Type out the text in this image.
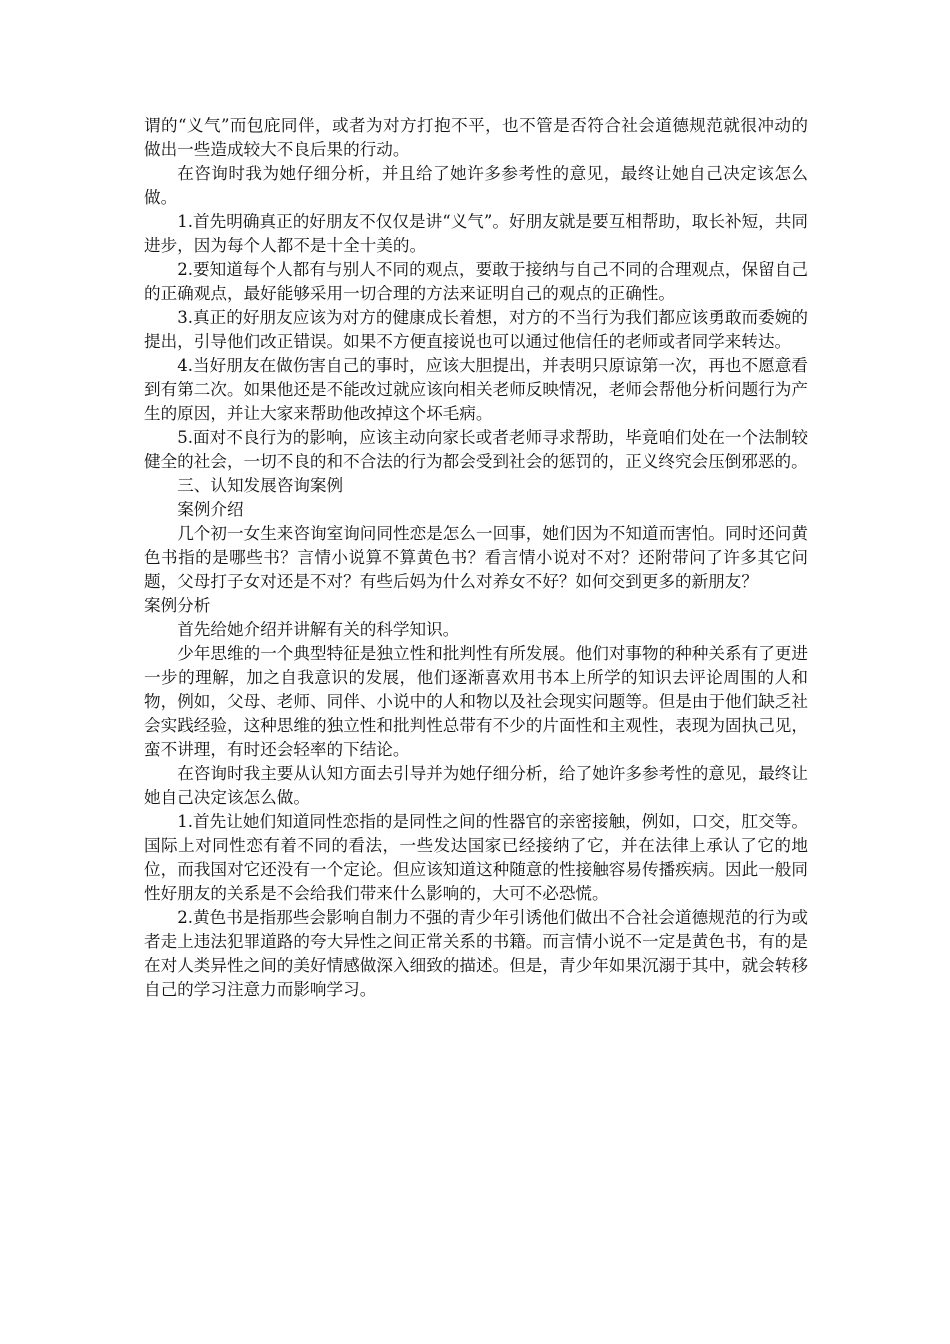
谓的“义气”而包庇同伴，或者为对方打抱不平，也不管是否符合社会道德规范就很冲动的做出一些造成较大不良后果的行动。

在咨询时我为她仔细分析，并且给了她许多参考性的意见，最终让她自己决定该怎么做。

1.首先明确真正的好朋友不仅仅是讲“义气”。好朋友就是要互相帮助，取长补短，共同进步，因为每个人都不是十全十美的。

2.要知道每个人都有与别人不同的观点，要敢于接纳与自己不同的合理观点，保留自己的正确观点，最好能够采用一切合理的方法来证明自己的观点的正确性。

3.真正的好朋友应该为对方的健康成长着想，对方的不当行为我们都应该勇敢而委婉的提出，引导他们改正错误。如果不方便直接说也可以通过他信任的老师或者同学来转达。

4.当好朋友在做伤害自己的事时，应该大胆提出，并表明只原谅第一次，再也不愿意看到有第二次。如果他还是不能改过就应该向相关老师反映情况，老师会帮他分析问题行为产生的原因，并让大家来帮助他改掉这个坏毛病。

5.面对不良行为的影响，应该主动向家长或者老师寻求帮助，毕竟咱们处在一个法制较健全的社会，一切不良的和不合法的行为都会受到社会的惩罚的，正义终究会压倒邪恶的。

三、认知发展咨询案例

案例介绍

几个初一女生来咨询室询问同性恋是怎么一回事，她们因为不知道而害怕。同时还问黄色书指的是哪些书？言情小说算不算黄色书？看言情小说对不对？还附带问了许多其它问题，父母打子女对还是不对？有些后妈为什么对养女不好？如何交到更多的新朋友？

案例分析

首先给她介绍并讲解有关的科学知识。

少年思维的一个典型特征是独立性和批判性有所发展。他们对事物的种种关系有了更进一步的理解，加之自我意识的发展，他们逐渐喜欢用书本上所学的知识去评论周围的人和物，例如，父母、老师、同伴、小说中的人和物以及社会现实问题等。但是由于他们缺乏社会实践经验，这种思维的独立性和批判性总带有不少的片面性和主观性，表现为固执己见，蛮不讲理，有时还会轻率的下结论。

在咨询时我主要从认知方面去引导并为她仔细分析，给了她许多参考性的意见，最终让她自己决定该怎么做。

1.首先让她们知道同性恋指的是同性之间的性器官的亲密接触，例如，口交，肛交等。国际上对同性恋有着不同的看法，一些发达国家已经接纳了它，并在法律上承认了它的地位，而我国对它还没有一个定论。但应该知道这种随意的性接触容易传播疾病。因此一般同性好朋友的关系是不会给我们带来什么影响的，大可不必恐慌。

2.黄色书是指那些会影响自制力不强的青少年引诱他们做出不合社会道德规范的行为或者走上违法犯罪道路的夸大异性之间正常关系的书籍。而言情小说不一定是黄色书，有的是在对人类异性之间的美好情感做深入细致的描述。但是，青少年如果沉溺于其中，就会转移自己的学习注意力而影响学习。
